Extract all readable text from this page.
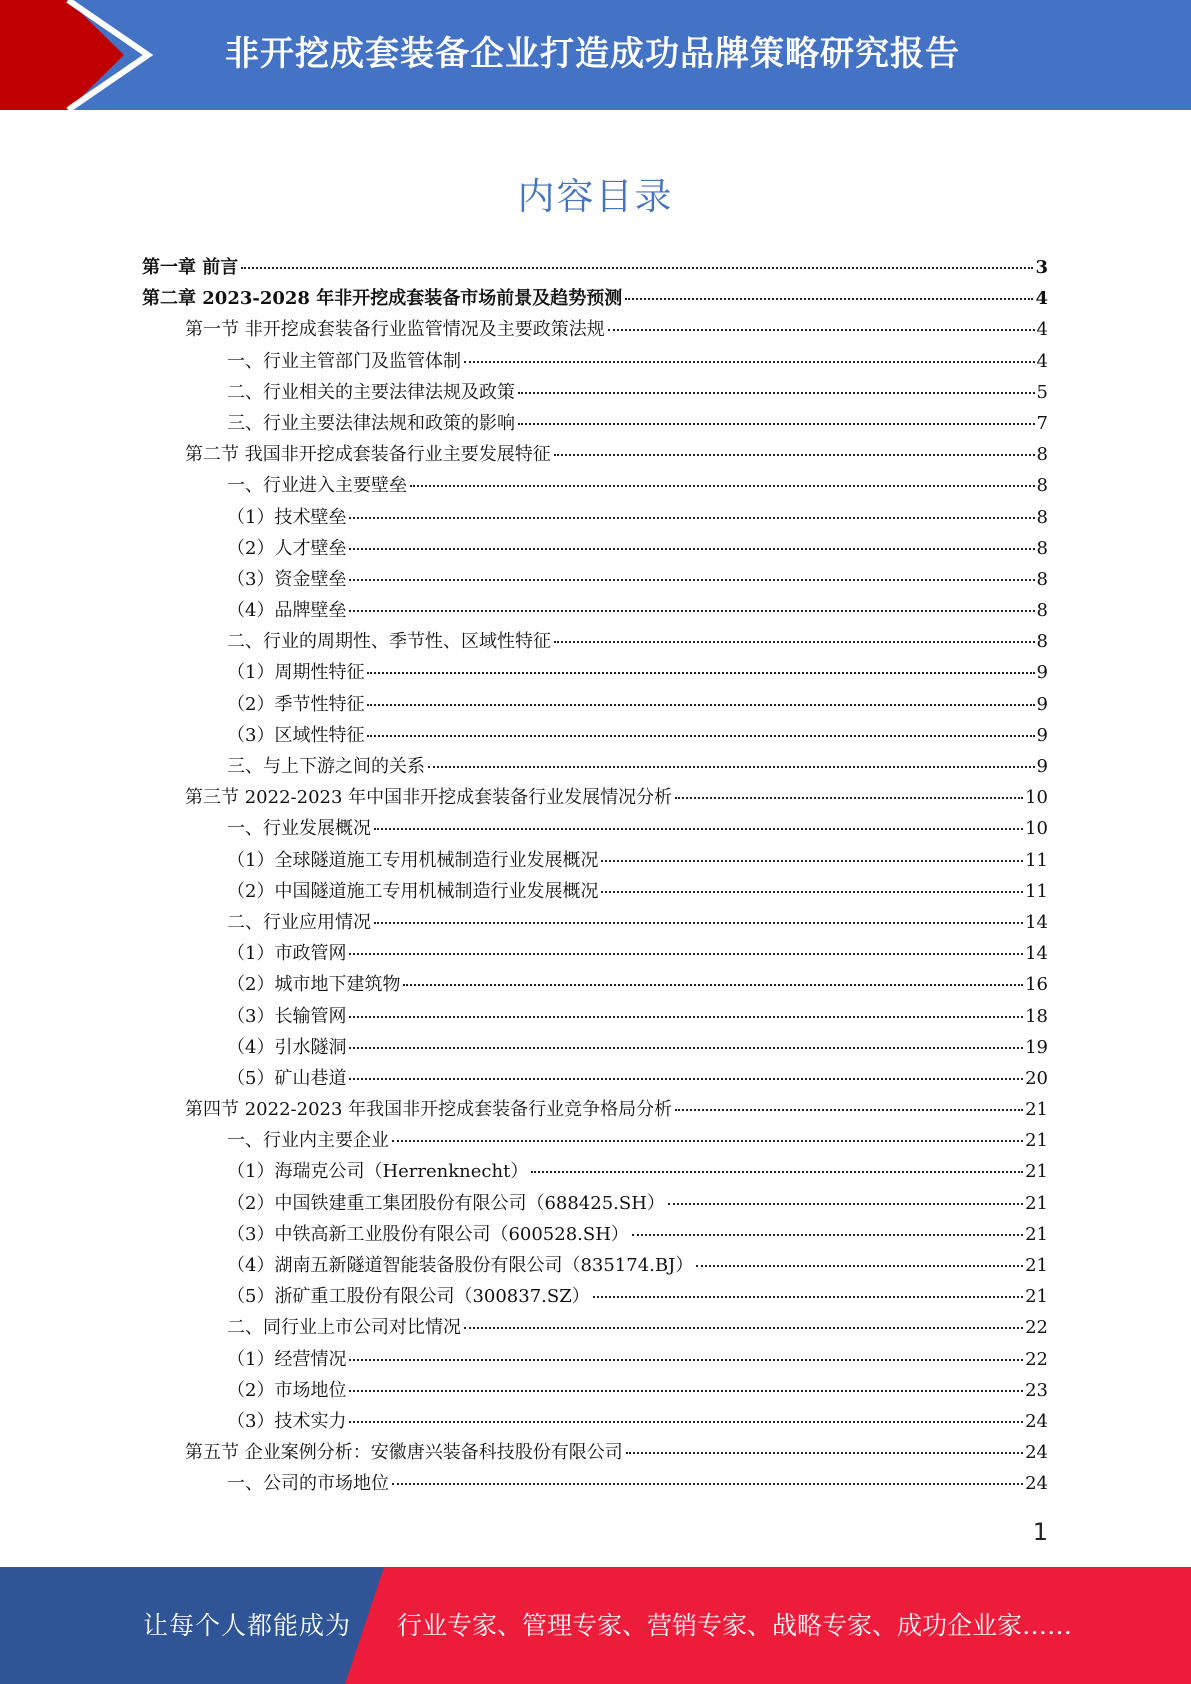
非开挖成套装备企业打造成功品牌策略研究报告
内容目录
第一章 前言	3
第二章 2023-2028 年非开挖成套装备市场前景及趋势预测	4
第一节 非开挖成套装备行业监管情况及主要政策法规	4
一、行业主管部门及监管体制	4
二、行业相关的主要法律法规及政策	5
三、行业主要法律法规和政策的影响	7
第二节 我国非开挖成套装备行业主要发展特征	8
一、行业进入主要壁垒	8
（1）技术壁垒	8
（2）人才壁垒	8
（3）资金壁垒	8
（4）品牌壁垒	8
二、行业的周期性、季节性、区域性特征	8
（1）周期性特征	9
（2）季节性特征	9
（3）区域性特征	9
三、与上下游之间的关系	9
第三节 2022-2023 年中国非开挖成套装备行业发展情况分析	10
一、行业发展概况	10
（1）全球隧道施工专用机械制造行业发展概况	11
（2）中国隧道施工专用机械制造行业发展概况	11
二、行业应用情况	14
（1）市政管网	14
（2）城市地下建筑物	16
（3）长输管网	18
（4）引水隧洞	19
（5）矿山巷道	20
第四节 2022-2023 年我国非开挖成套装备行业竞争格局分析	21
一、行业内主要企业	21
（1）海瑞克公司（Herrenknecht）	21
（2）中国铁建重工集团股份有限公司（688425.SH）	21
（3）中铁高新工业股份有限公司（600528.SH）	21
（4）湖南五新隧道智能装备股份有限公司（835174.BJ）	21
（5）浙矿重工股份有限公司（300837.SZ）	21
二、同行业上市公司对比情况	22
（1）经营情况	22
（2）市场地位	23
（3）技术实力	24
第五节 企业案例分析：安徽唐兴装备科技股份有限公司	24
一、公司的市场地位	24
1
让每个人都能成为 行业专家、管理专家、营销专家、战略专家、成功企业家……
